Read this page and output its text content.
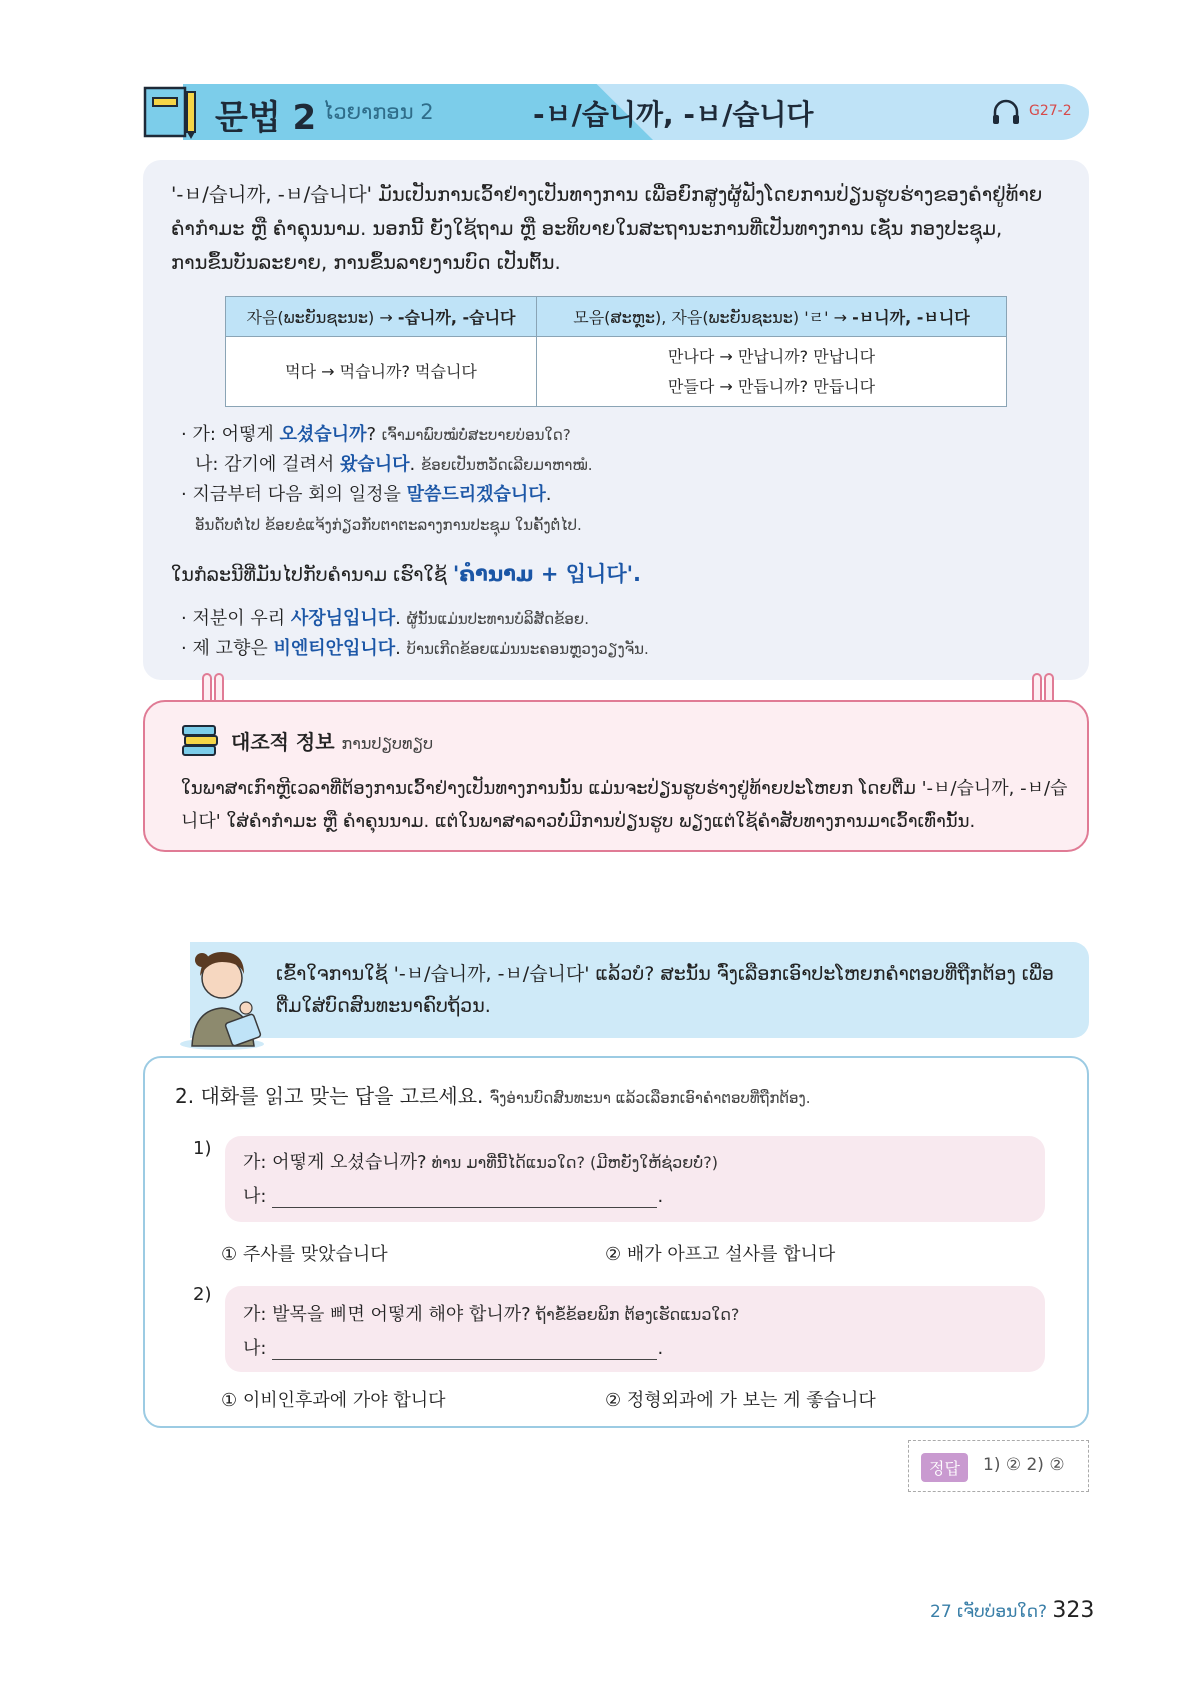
문법 2 ໄວຍາກອນ 2	-ㅂ/습니까, -ㅂ/습니다	G27-2
'-ㅂ/습니까, -ㅂ/습니다' ມັນເປັນການເວົ້າຢ່າງເປັນທາງການ ເພື່ອຍົກສູງຜູ້ຟັງໂດຍການປ່ຽນຮູບຮ່າງຂອງຄຳຢູ່ທ້າຍຄຳກຳມະ ຫຼື ຄຳຄຸນນາມ. ນອກນີ້ ຍັງໃຊ້ຖາມ ຫຼື ອະທິບາຍໃນສະຖານະການທີ່ເປັນທາງການ ເຊັ່ນ ກອງປະຊຸມ, ການຂຶ້ນບັນລະຍາຍ, ການຂຶ້ນລາຍງານບົດ ເປັນຕົ້ນ.
자음(ພະຍັນຊະນະ) → -습니까, -습니다	모음(ສະຫຼະ), 자음(ພະຍັນຊະນະ) 'ㄹ' → -ㅂ니까, -ㅂ니다
먹다 → 먹습니까? 먹습니다	만나다 → 만납니까? 만납니다
만들다 → 만듭니까? 만듭니다
· 가: 어떻게 오셨습니까? ເຈົ້າມາພົບໝໍບໍ່ສະບາຍບ່ອນໃດ?
나: 감기에 걸려서 왔습니다. ຂ້ອຍເປັນຫວັດເລີຍມາຫາໝໍ.
· 지금부터 다음 회의 일정을 말씀드리겠습니다.
ອັນດັບຕໍ່ໄປ ຂ້ອຍຂໍແຈ້ງກ່ຽວກັບຕາຕະລາງການປະຊຸມ ໃນຄັ້ງຕໍ່ໄປ.
ໃນກໍລະນີທີ່ມັນໄປກັບຄຳນາມ ເຮົາໃຊ້ 'ຄຳນາມ + 입니다'.
· 저분이 우리 사장님입니다. ຜູ້ນັ້ນແມ່ນປະທານບໍລິສັດຂ້ອຍ.
· 제 고향은 비엔티안입니다. ບ້ານເກີດຂ້ອຍແມ່ນນະຄອນຫຼວງວຽງຈັນ.
대조적 정보 ການປຽບທຽບ
ໃນພາສາເກົາຫຼີເວລາທີ່ຕ້ອງການເວົ້າຢ່າງເປັນທາງການນັ້ນ ແມ່ນຈະປ່ຽນຮູບຮ່າງຢູ່ທ້າຍປະໂຫຍກ ໂດຍຕື່ມ '-ㅂ/습니까, -ㅂ/습니다' ໃສ່ຄຳກຳມະ ຫຼື ຄຳຄຸນນາມ. ແຕ່ໃນພາສາລາວບໍ່ມີການປ່ຽນຮູບ ພຽງແຕ່ໃຊ້ຄຳສັບທາງການມາເວົ້າເທົ່ານັ້ນ.
ເຂົ້າໃຈການໃຊ້ '-ㅂ/습니까, -ㅂ/습니다' ແລ້ວບໍ? ສະນັ້ນ ຈົ່ງເລືອກເອົາປະໂຫຍກຄຳຕອບທີ່ຖືກຕ້ອງ ເພື່ອຕື່ມໃສ່ບົດສົນທະນາຄົບຖ້ວນ.
2. 대화를 읽고 맞는 답을 고르세요. ຈົ່ງອ່ານບົດສົນທະນາ ແລ້ວເລືອກເອົາຄຳຕອບທີ່ຖືກຕ້ອງ.
1)
가: 어떻게 오셨습니까? ທ່ານ ມາທີ່ນີ້ໄດ້ແນວໃດ? (ມີຫຍັງໃຫ້ຊ່ວຍບໍ່?)
나:	.
① 주사를 맞았습니다	② 배가 아프고 설사를 합니다
2)
가: 발목을 삐면 어떻게 해야 합니까? ຖ້າຂໍ້ຂ້ອຍພິກ ຕ້ອງເຮັດແນວໃດ?
나:	.
① 이비인후과에 가야 합니다	② 정형외과에 가 보는 게 좋습니다
정답	1) ② 2) ②
27 ເຈັບບ່ອນໃດ? 323
